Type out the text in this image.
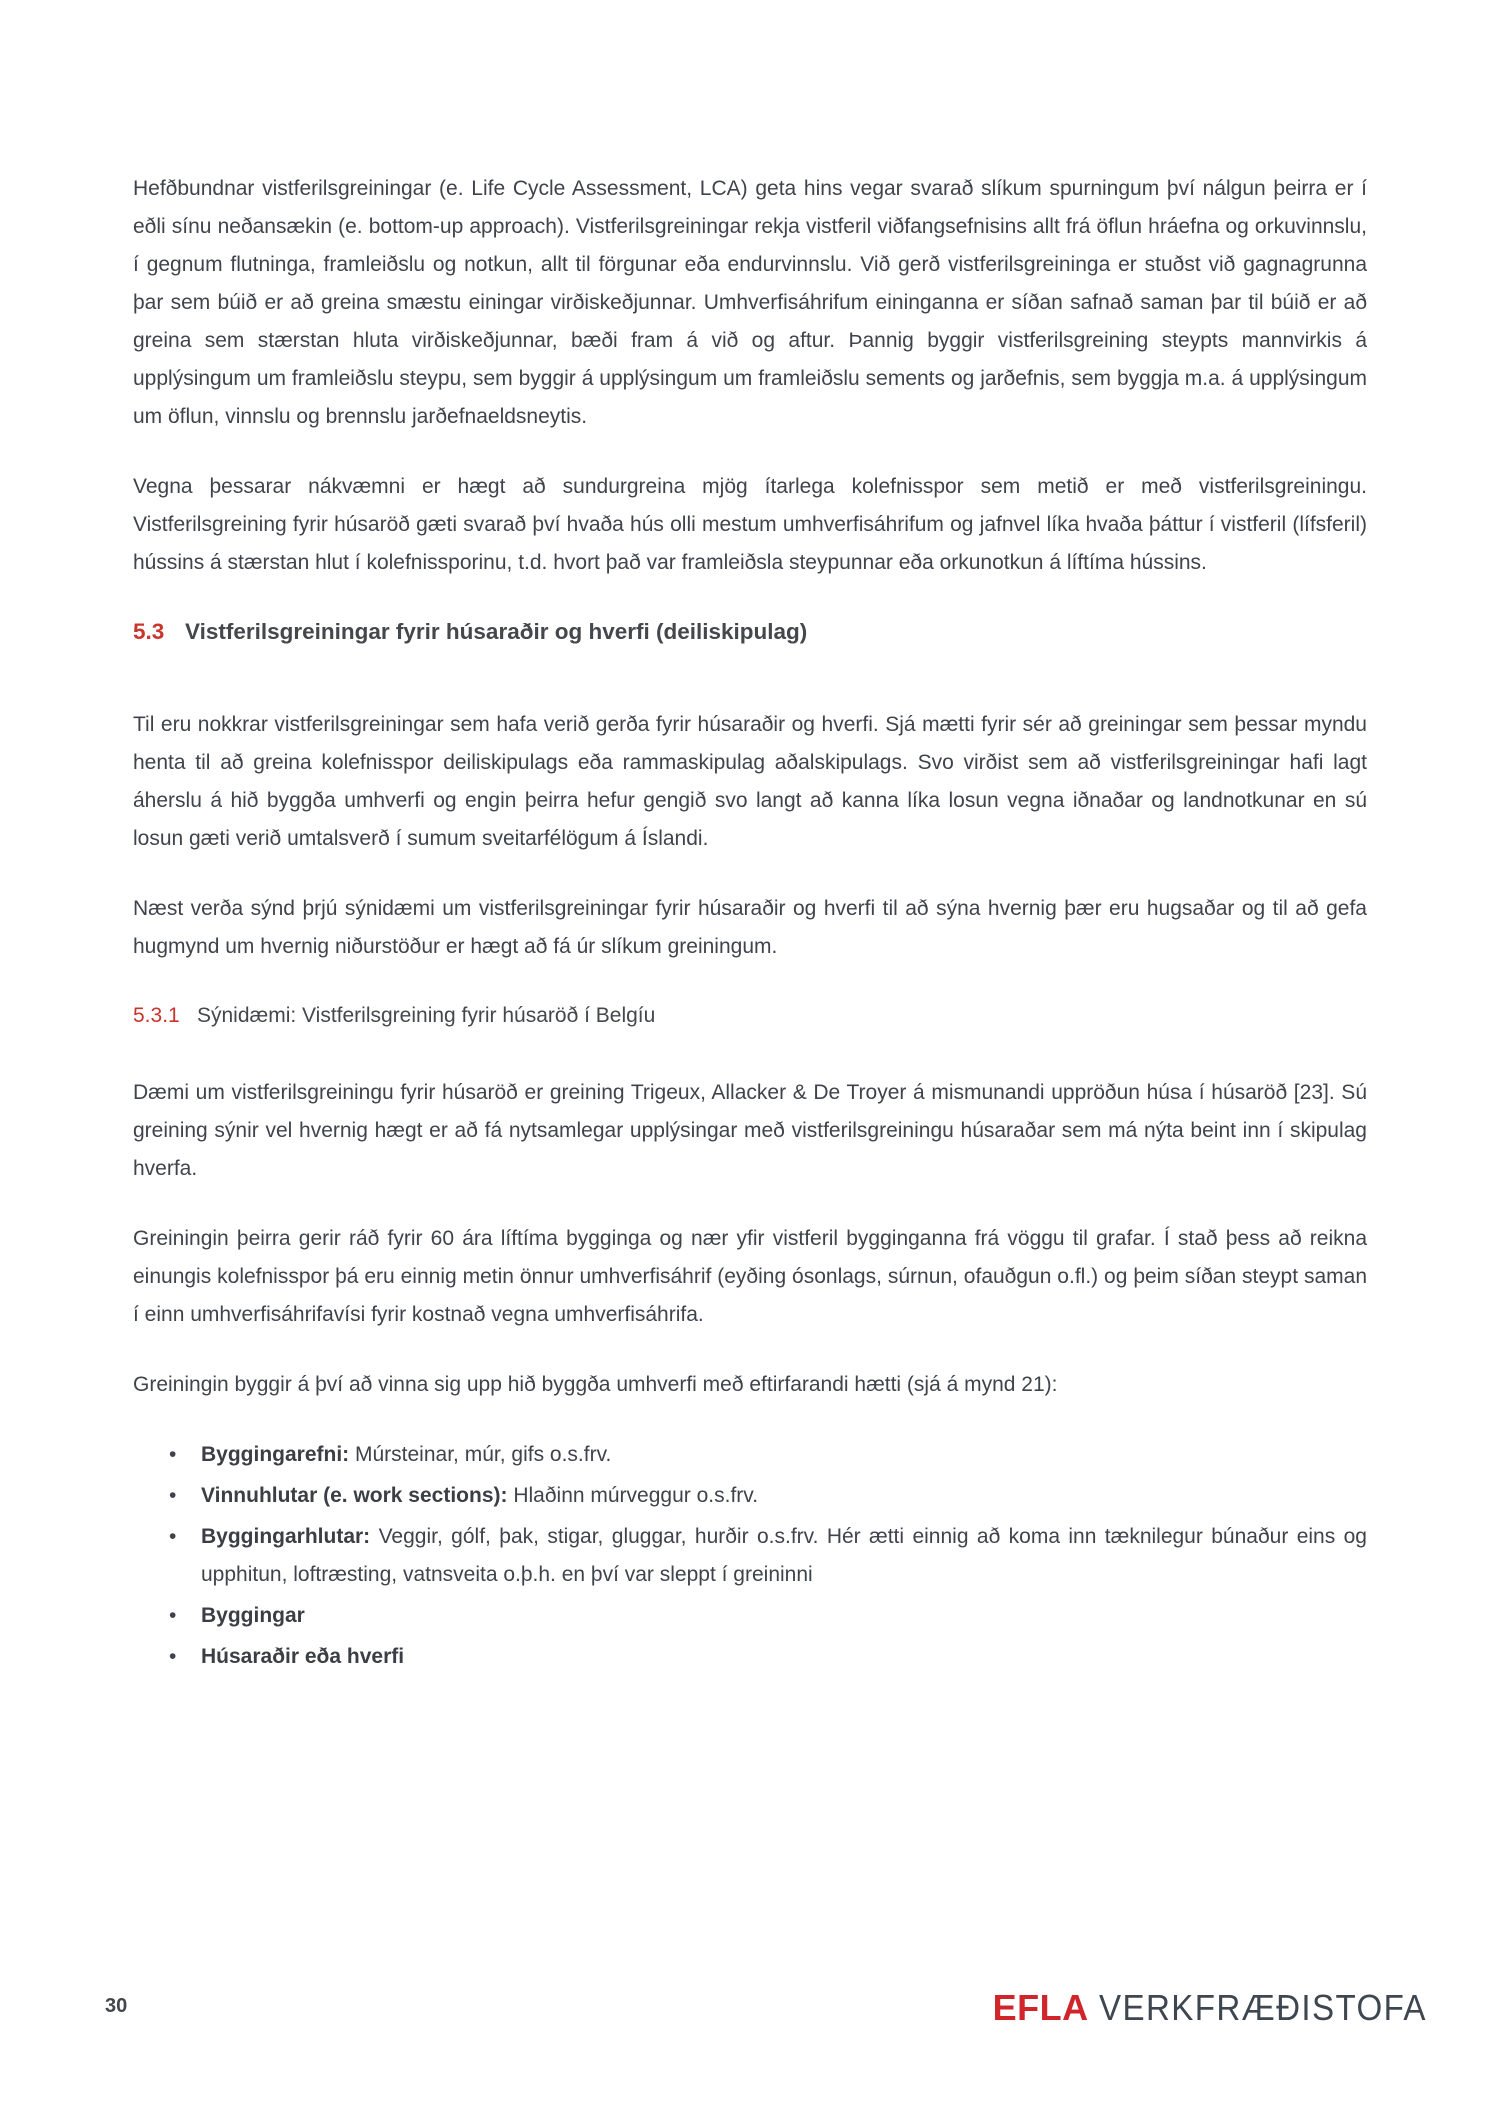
Hefðbundnar vistferilsgreiningar (e. Life Cycle Assessment, LCA) geta hins vegar svarað slíkum spurningum því nálgun þeirra er í eðli sínu neðansækin (e. bottom-up approach). Vistferilsgreiningar rekja vistferil viðfangsefnisins allt frá öflun hráefna og orkuvinnslu, í gegnum flutninga, framleiðslu og notkun, allt til förgunar eða endurvinnslu. Við gerð vistferilsgreininga er stuðst við gagnagrunna þar sem búið er að greina smæstu einingar virðiskeðjunnar. Umhverfisáhrifum eininganna er síðan safnað saman þar til búið er að greina sem stærstan hluta virðiskeðjunnar, bæði fram á við og aftur. Þannig byggir vistferilsgreining steypts mannvirkis á upplýsingum um framleiðslu steypu, sem byggir á upplýsingum um framleiðslu sements og jarðefnis, sem byggja m.a. á upplýsingum um öflun, vinnslu og brennslu jarðefnaeldsneytis.

Vegna þessarar nákvæmni er hægt að sundurgreina mjög ítarlega kolefnisspor sem metið er með vistferilsgreiningu. Vistferilsgreining fyrir húsaröð gæti svarað því hvaða hús olli mestum umhverfisáhrifum og jafnvel líka hvaða þáttur í vistferil (lífsferil) hússins á stærstan hlut í kolefnissporinu, t.d. hvort það var framleiðsla steypunnar eða orkunotkun á líftíma hússins.

5.3 Vistferilsgreiningar fyrir húsaraðir og hverfi (deiliskipulag)

Til eru nokkrar vistferilsgreiningar sem hafa verið gerða fyrir húsaraðir og hverfi. Sjá mætti fyrir sér að greiningar sem þessar myndu henta til að greina kolefnisspor deiliskipulags eða rammaskipulag aðalskipulags. Svo virðist sem að vistferilsgreiningar hafi lagt áherslu á hið byggða umhverfi og engin þeirra hefur gengið svo langt að kanna líka losun vegna iðnaðar og landnotkunar en sú losun gæti verið umtalsverð í sumum sveitarfélögum á Íslandi.

Næst verða sýnd þrjú sýnidæmi um vistferilsgreiningar fyrir húsaraðir og hverfi til að sýna hvernig þær eru hugsaðar og til að gefa hugmynd um hvernig niðurstöður er hægt að fá úr slíkum greiningum.

5.3.1 Sýnidæmi: Vistferilsgreining fyrir húsaröð í Belgíu

Dæmi um vistferilsgreiningu fyrir húsaröð er greining Trigeux, Allacker & De Troyer á mismunandi uppröðun húsa í húsaröð [23]. Sú greining sýnir vel hvernig hægt er að fá nytsamlegar upplýsingar með vistferilsgreiningu húsaraðar sem má nýta beint inn í skipulag hverfa.

Greiningin þeirra gerir ráð fyrir 60 ára líftíma bygginga og nær yfir vistferil bygginganna frá vöggu til grafar. Í stað þess að reikna einungis kolefnisspor þá eru einnig metin önnur umhverfisáhrif (eyðing ósonlags, súrnun, ofauðgun o.fl.) og þeim síðan steypt saman í einn umhverfisáhrifavísi fyrir kostnað vegna umhverfisáhrifa.

Greiningin byggir á því að vinna sig upp hið byggða umhverfi með eftirfarandi hætti (sjá á mynd 21):

•	Byggingarefni: Múrsteinar, múr, gifs o.s.frv.
•	Vinnuhlutar (e. work sections): Hlaðinn múrveggur o.s.frv.
•	Byggingarhlutar: Veggir, gólf, þak, stigar, gluggar, hurðir o.s.frv. Hér ætti einnig að koma inn tæknilegur búnaður eins og upphitun, loftræsting, vatnsveita o.þ.h. en því var sleppt í greininni
•	Byggingar
•	Húsaraðir eða hverfi
30	EFLA VERKFRÆÐISTOFA
